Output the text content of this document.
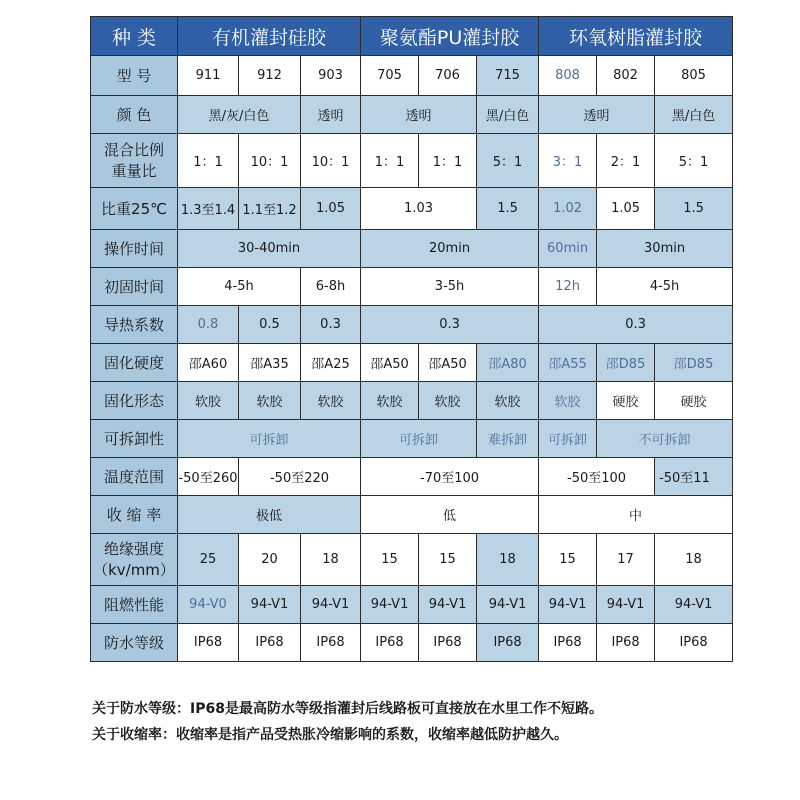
种 类	有机灌封硅胶			聚氨酯PU灌封胶			环氧树脂灌封胶		
型 号	911	912	903	705	706	715	808	802	805
颜 色	黑/灰/白色		透明	透明		黑/白色	透明		黑/白色
混合比例
重量比	1：1	10：1	10：1	1：1	1：1	5：1	3：1	2：1	5：1
比重25℃	1.3至1.4	1.1至1.2	1.05	1.03		1.5	1.02	1.05	1.5
操作时间	30-40min			20min			60min	30min	
初固时间	4-5h		6-8h	3-5h			12h	4-5h	
导热系数	0.8	0.5	0.3	0.3			0.3		
固化硬度	邵A60	邵A35	邵A25	邵A50	邵A50	邵A80	邵A55	邵D85	邵D85
固化形态	软胶	软胶	软胶	软胶	软胶	软胶	软胶	硬胶	硬胶
可拆卸性	可拆卸			可拆卸		难拆卸	可拆卸	不可拆卸	
温度范围	-50至260	-50至220		-70至100			-50至100		-50至11
收 缩 率	极低			低			中		
绝缘强度
（kv/mm）	25	20	18	15	15	18	15	17	18
阻燃性能	94-V0	94-V1	94-V1	94-V1	94-V1	94-V1	94-V1	94-V1	94-V1
防水等级	IP68	IP68	IP68	IP68	IP68	IP68	IP68	IP68	IP68
关于防水等级：IP68是最高防水等级指灌封后线路板可直接放在水里工作不短路。
关于收缩率：收缩率是指产品受热胀冷缩影响的系数，收缩率越低防护越久。
